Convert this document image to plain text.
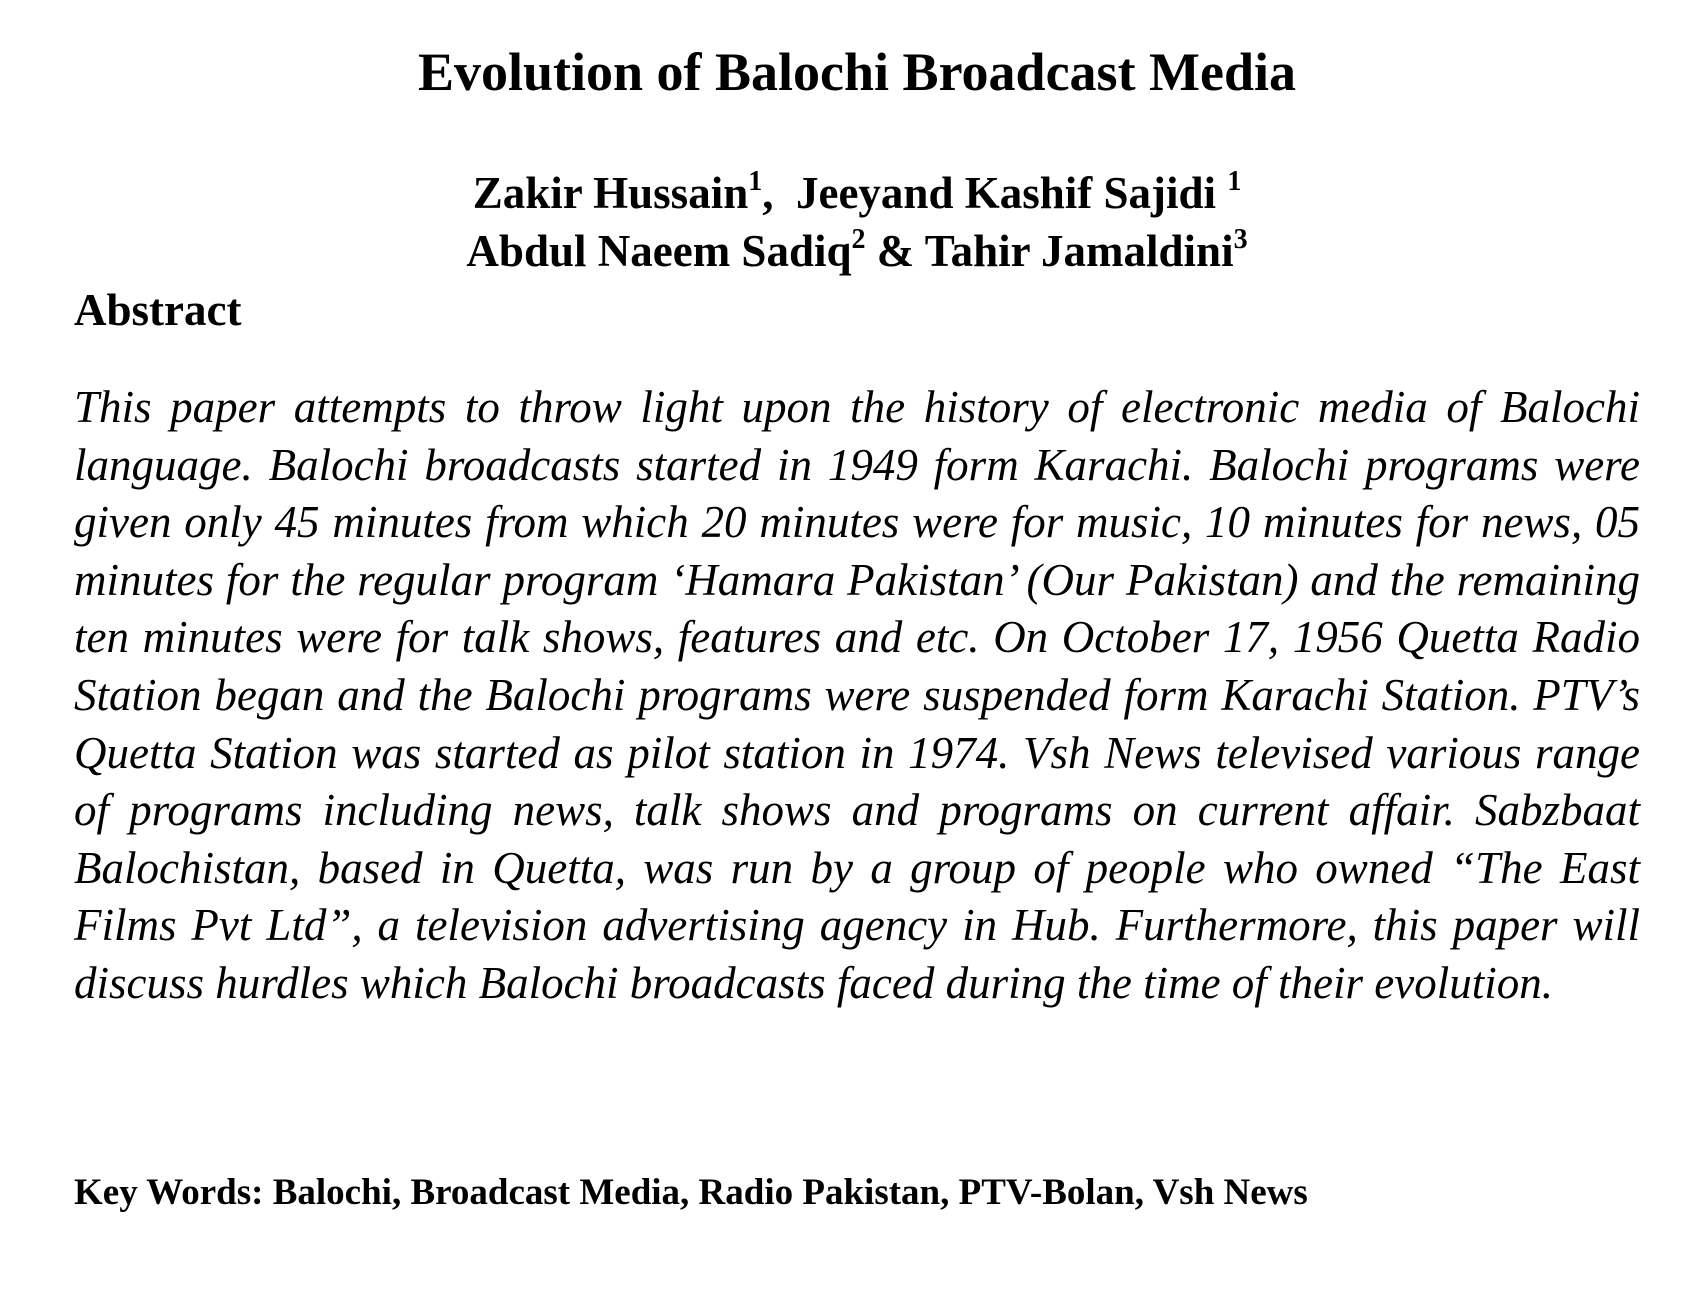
Evolution of Balochi Broadcast Media
Zakir Hussain$^1$,  Jeeyand Kashif Sajidi $^1$
Abdul Naeem Sadiq$^2$ & Tahir Jamaldini$^3$
Abstract

This paper attempts to throw light upon the history of electronic media of Balochi language. Balochi broadcasts started in 1949 form Karachi. Balochi programs were given only 45 minutes from which 20 minutes were for music, 10 minutes for news, 05 minutes for the regular program ‘Hamara Pakistan’ (Our Pakistan) and the remaining ten minutes were for talk shows, features and etc. On October 17, 1956 Quetta Radio Station began and the Balochi programs were suspended form Karachi Station. PTV’s Quetta Station was started as pilot station in 1974. Vsh News televised various range of programs including news, talk shows and programs on current affair. Sabzbaat Balochistan, based in Quetta, was run by a group of people who owned “The East Films Pvt Ltd”, a television advertising agency in Hub. Furthermore, this paper will discuss hurdles which Balochi broadcasts faced during the time of their evolution.

Key Words: Balochi, Broadcast Media, Radio Pakistan, PTV-Bolan, Vsh News
